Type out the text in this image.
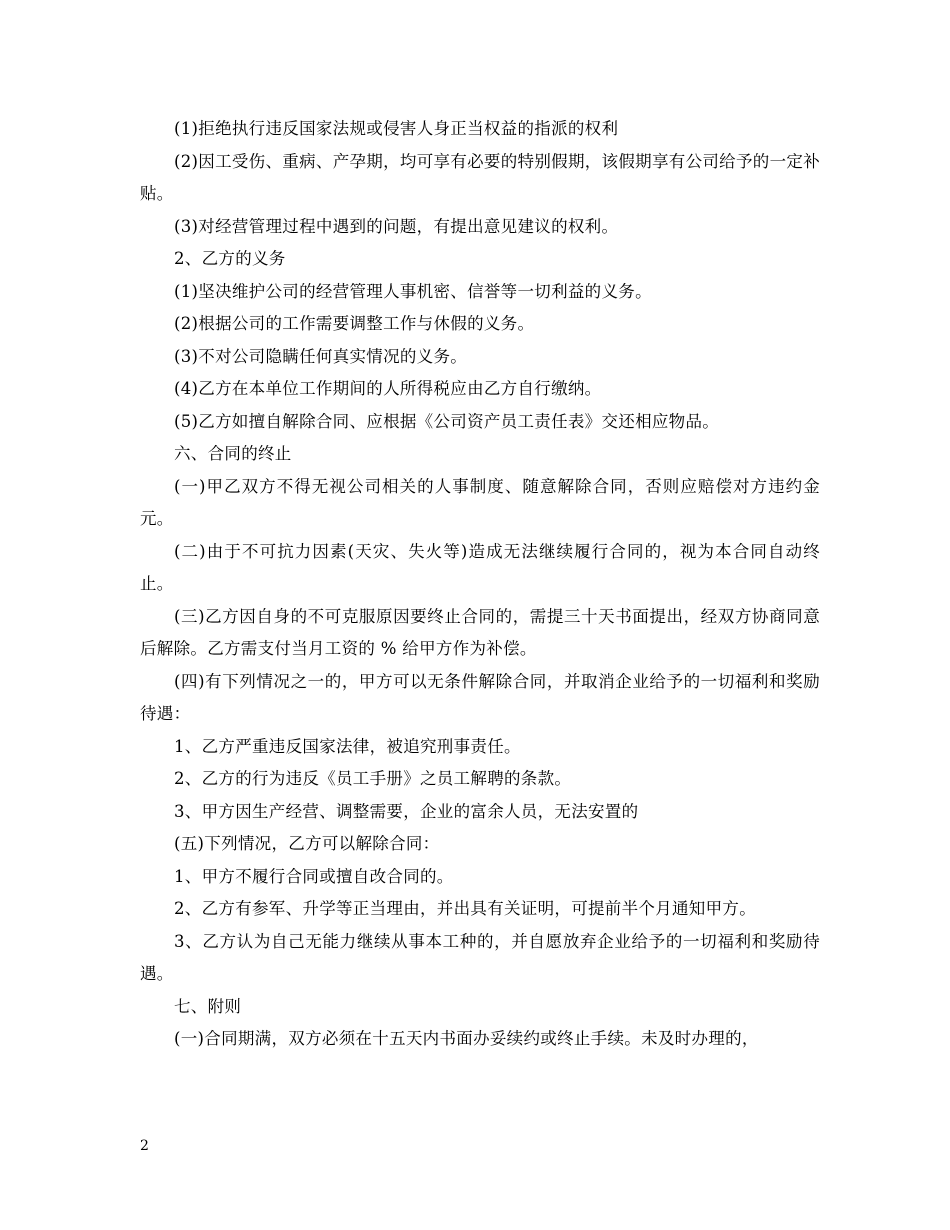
(1)拒绝执行违反国家法规或侵害人身正当权益的指派的权利

(2)因工受伤、重病、产孕期，均可享有必要的特别假期，该假期享有公司给予的一定补贴。

(3)对经营管理过程中遇到的问题，有提出意见建议的权利。

2、乙方的义务

(1)坚决维护公司的经营管理人事机密、信誉等一切利益的义务。

(2)根据公司的工作需要调整工作与休假的义务。

(3)不对公司隐瞒任何真实情况的义务。

(4)乙方在本单位工作期间的人所得税应由乙方自行缴纳。

(5)乙方如擅自解除合同、应根据《公司资产员工责任表》交还相应物品。

六、合同的终止

(一)甲乙双方不得无视公司相关的人事制度、随意解除合同，否则应赔偿对方违约金 元。

(二)由于不可抗力因素(天灾、失火等)造成无法继续履行合同的，视为本合同自动终止。

(三)乙方因自身的不可克服原因要终止合同的，需提三十天书面提出，经双方协商同意后解除。乙方需支付当月工资的 % 给甲方作为补偿。

(四)有下列情况之一的，甲方可以无条件解除合同，并取消企业给予的一切福利和奖励待遇：

1、乙方严重违反国家法律，被追究刑事责任。

2、乙方的行为违反《员工手册》之员工解聘的条款。

3、甲方因生产经营、调整需要，企业的富余人员，无法安置的

(五)下列情况，乙方可以解除合同：

1、甲方不履行合同或擅自改合同的。

2、乙方有参军、升学等正当理由，并出具有关证明，可提前半个月通知甲方。

3、乙方认为自己无能力继续从事本工种的，并自愿放弃企业给予的一切福利和奖励待遇。

七、附则

(一)合同期满，双方必须在十五天内书面办妥续约或终止手续。未及时办理的，

2
